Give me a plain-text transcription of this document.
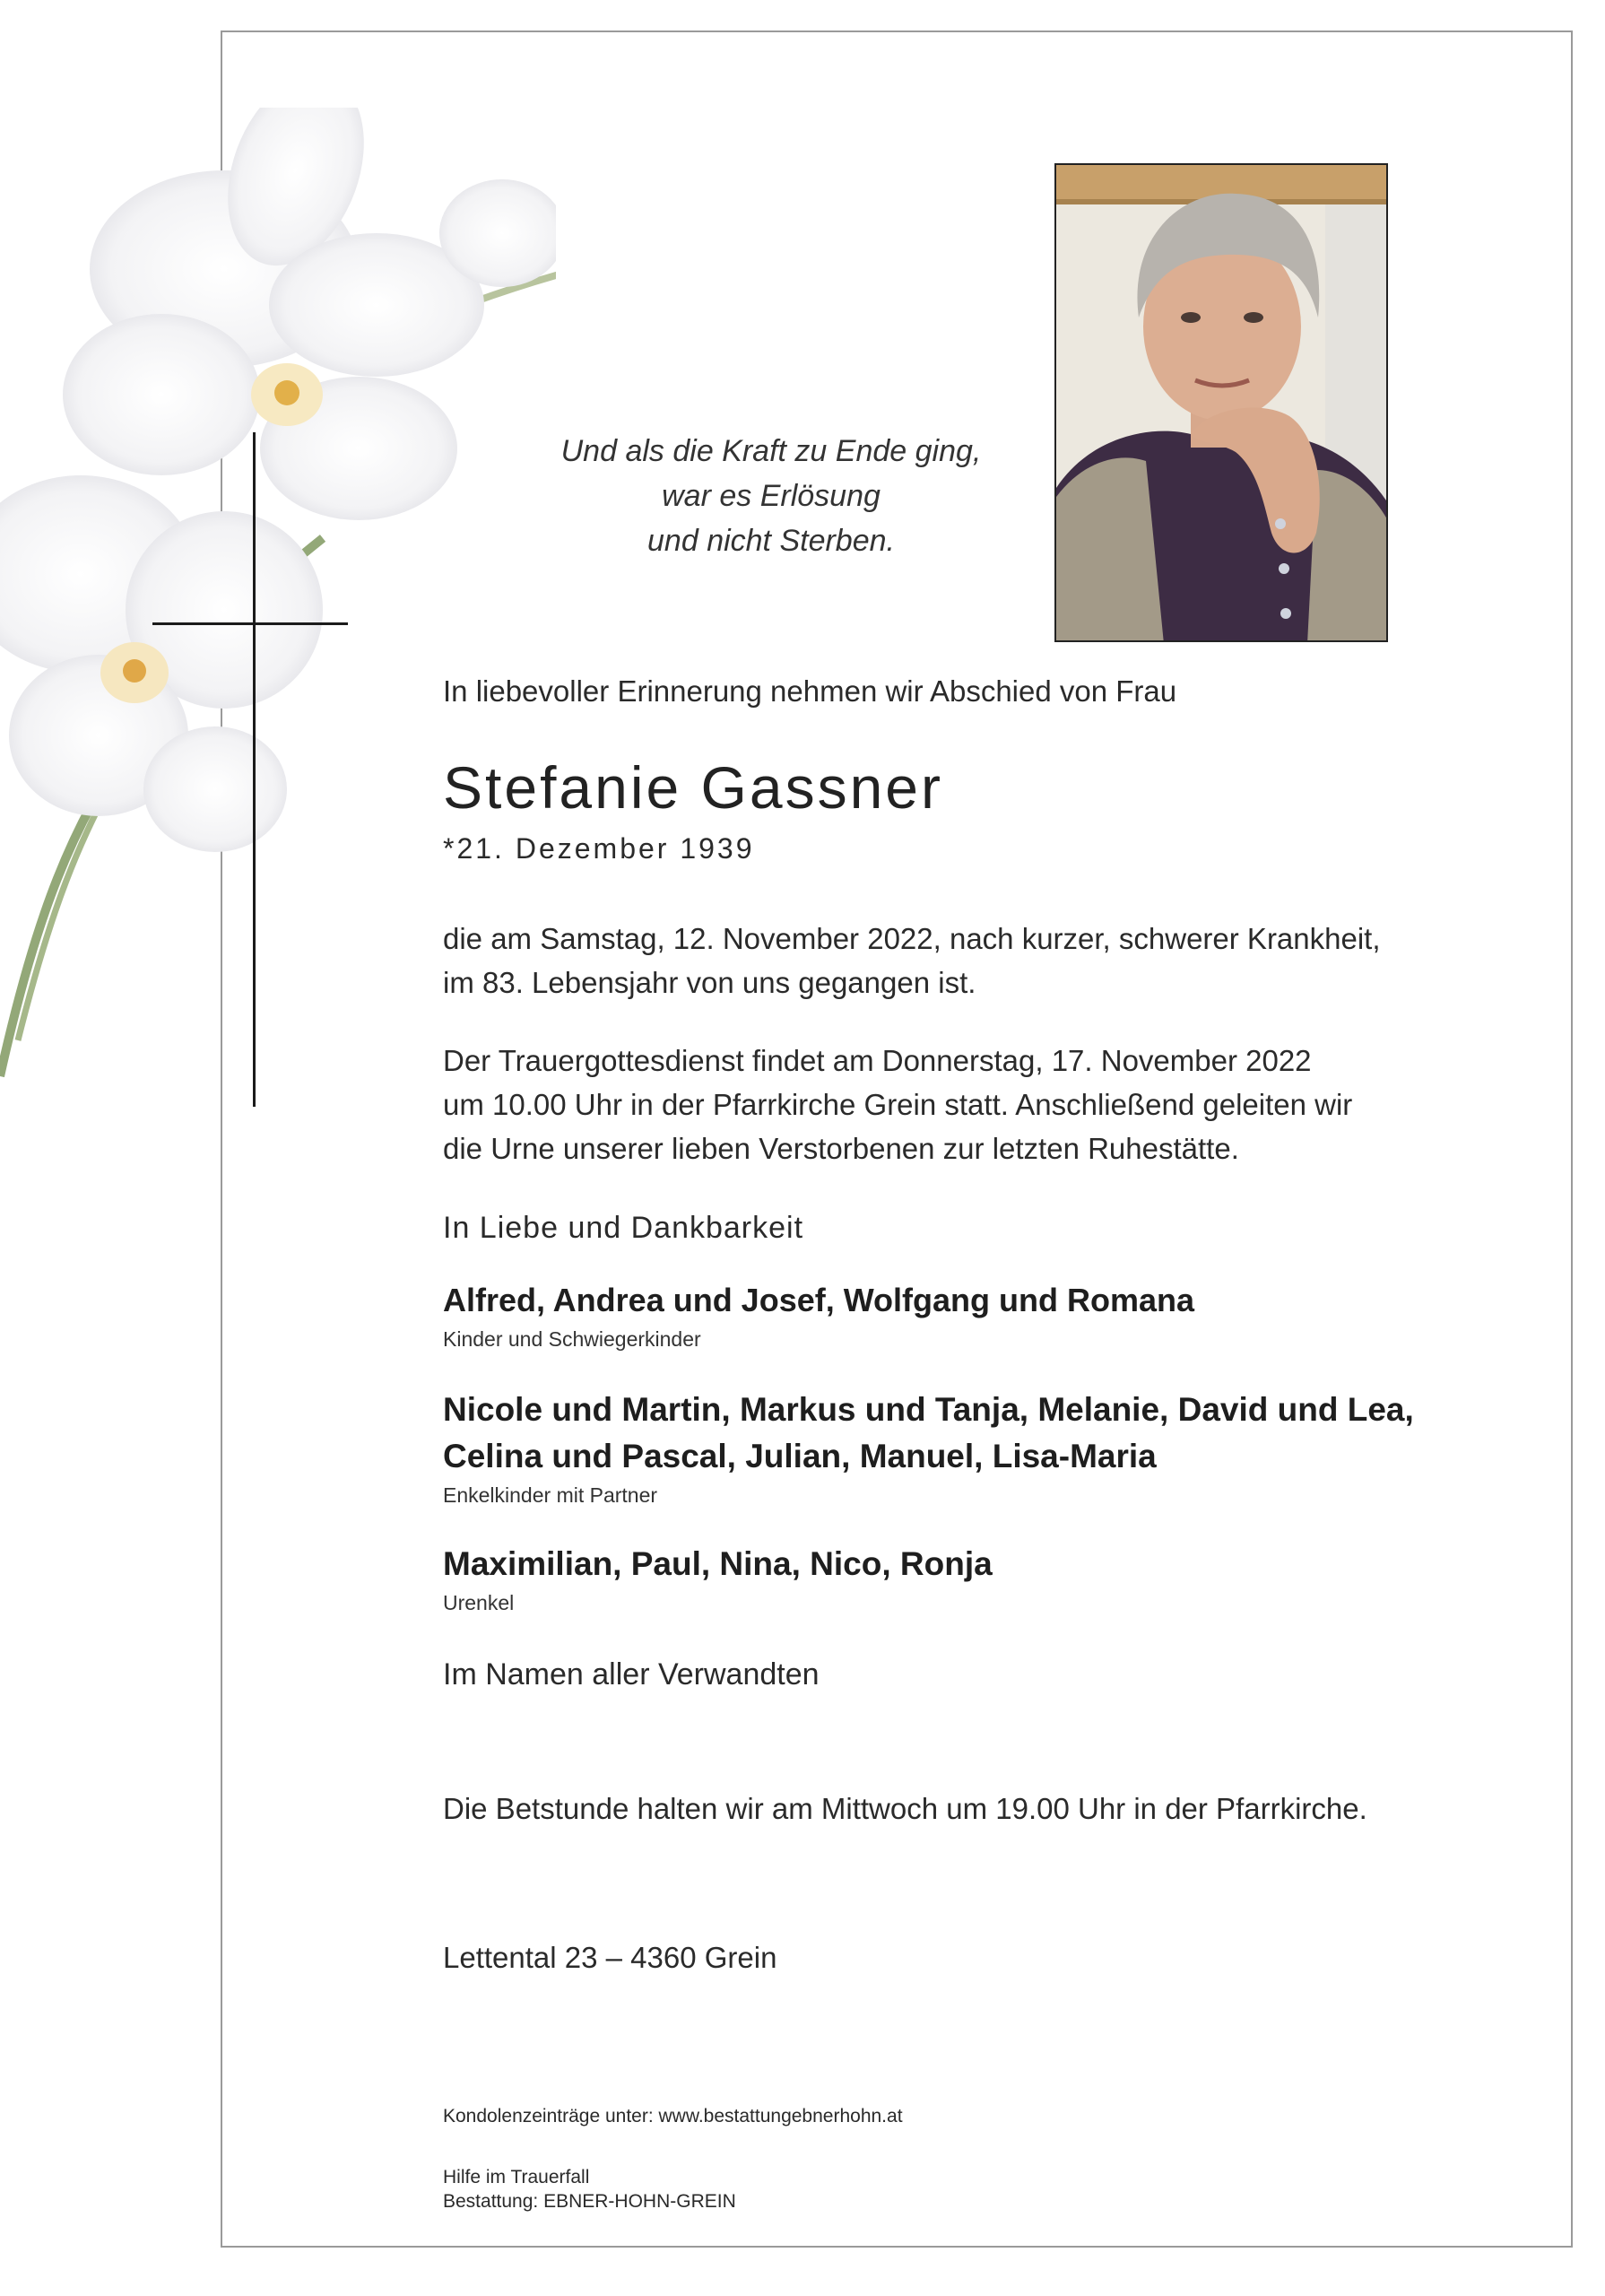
Und als die Kraft zu Ende ging,
war es Erlösung
und nicht Sterben.
In liebevoller Erinnerung nehmen wir Abschied von Frau
Stefanie Gassner
*21. Dezember 1939
die am Samstag, 12. November 2022, nach kurzer, schwerer Krankheit,
im 83. Lebensjahr von uns gegangen ist.
Der Trauergottesdienst findet am Donnerstag, 17. November 2022
um 10.00 Uhr in der Pfarrkirche Grein statt. Anschließend geleiten wir
die Urne unserer lieben Verstorbenen zur letzten Ruhestätte.
In Liebe und Dankbarkeit
Alfred, Andrea und Josef, Wolfgang und Romana
Kinder und Schwiegerkinder
Nicole und Martin, Markus und Tanja, Melanie, David und Lea,
Celina und Pascal, Julian, Manuel, Lisa-Maria
Enkelkinder mit Partner
Maximilian, Paul, Nina, Nico, Ronja
Urenkel
Im Namen aller Verwandten
Die Betstunde halten wir am Mittwoch um 19.00 Uhr in der Pfarrkirche.
Lettental 23 – 4360 Grein
Kondolenzeinträge unter: www.bestattungebnerhohn.at
Hilfe im Trauerfall
Bestattung: EBNER-HOHN-GREIN
